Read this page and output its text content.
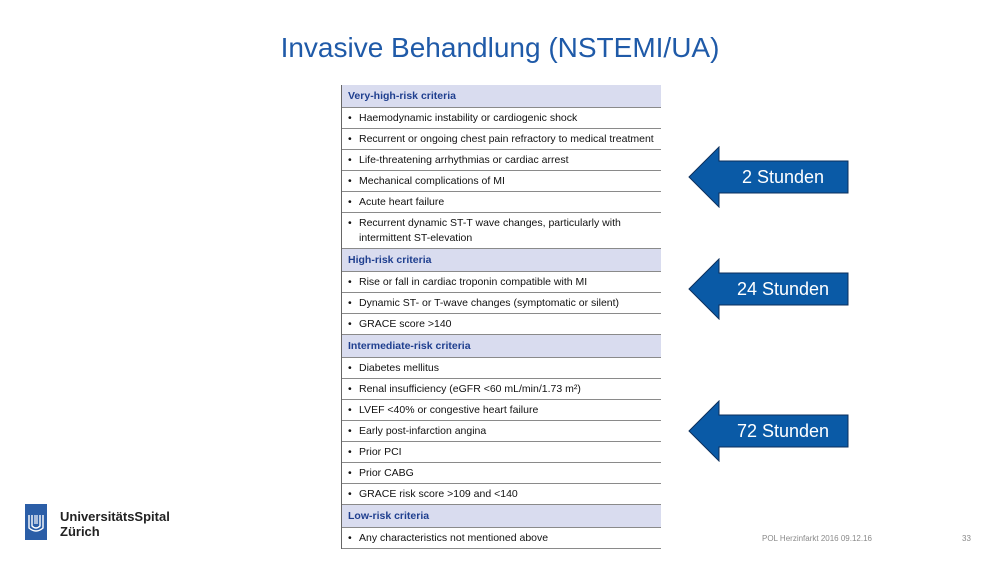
Invasive Behandlung (NSTEMI/UA)
Very-high-risk criteria
• Haemodynamic instability or cardiogenic shock
• Recurrent or ongoing chest pain refractory to medical treatment
• Life-threatening arrhythmias or cardiac arrest
• Mechanical complications of MI
• Acute heart failure
• Recurrent dynamic ST-T wave changes, particularly with intermittent ST-elevation
High-risk criteria
• Rise or fall in cardiac troponin compatible with MI
• Dynamic ST- or T-wave changes (symptomatic or silent)
• GRACE score >140
Intermediate-risk criteria
• Diabetes mellitus
• Renal insufficiency (eGFR <60 mL/min/1.73 m²)
• LVEF <40% or congestive heart failure
• Early post-infarction angina
• Prior PCI
• Prior CABG
• GRACE risk score >109 and <140
Low-risk criteria
• Any characteristics not mentioned above
2 Stunden
24 Stunden
72 Stunden
UniversitätsSpital
Zürich	POL Herzinfarkt 2016 09.12.16	33
